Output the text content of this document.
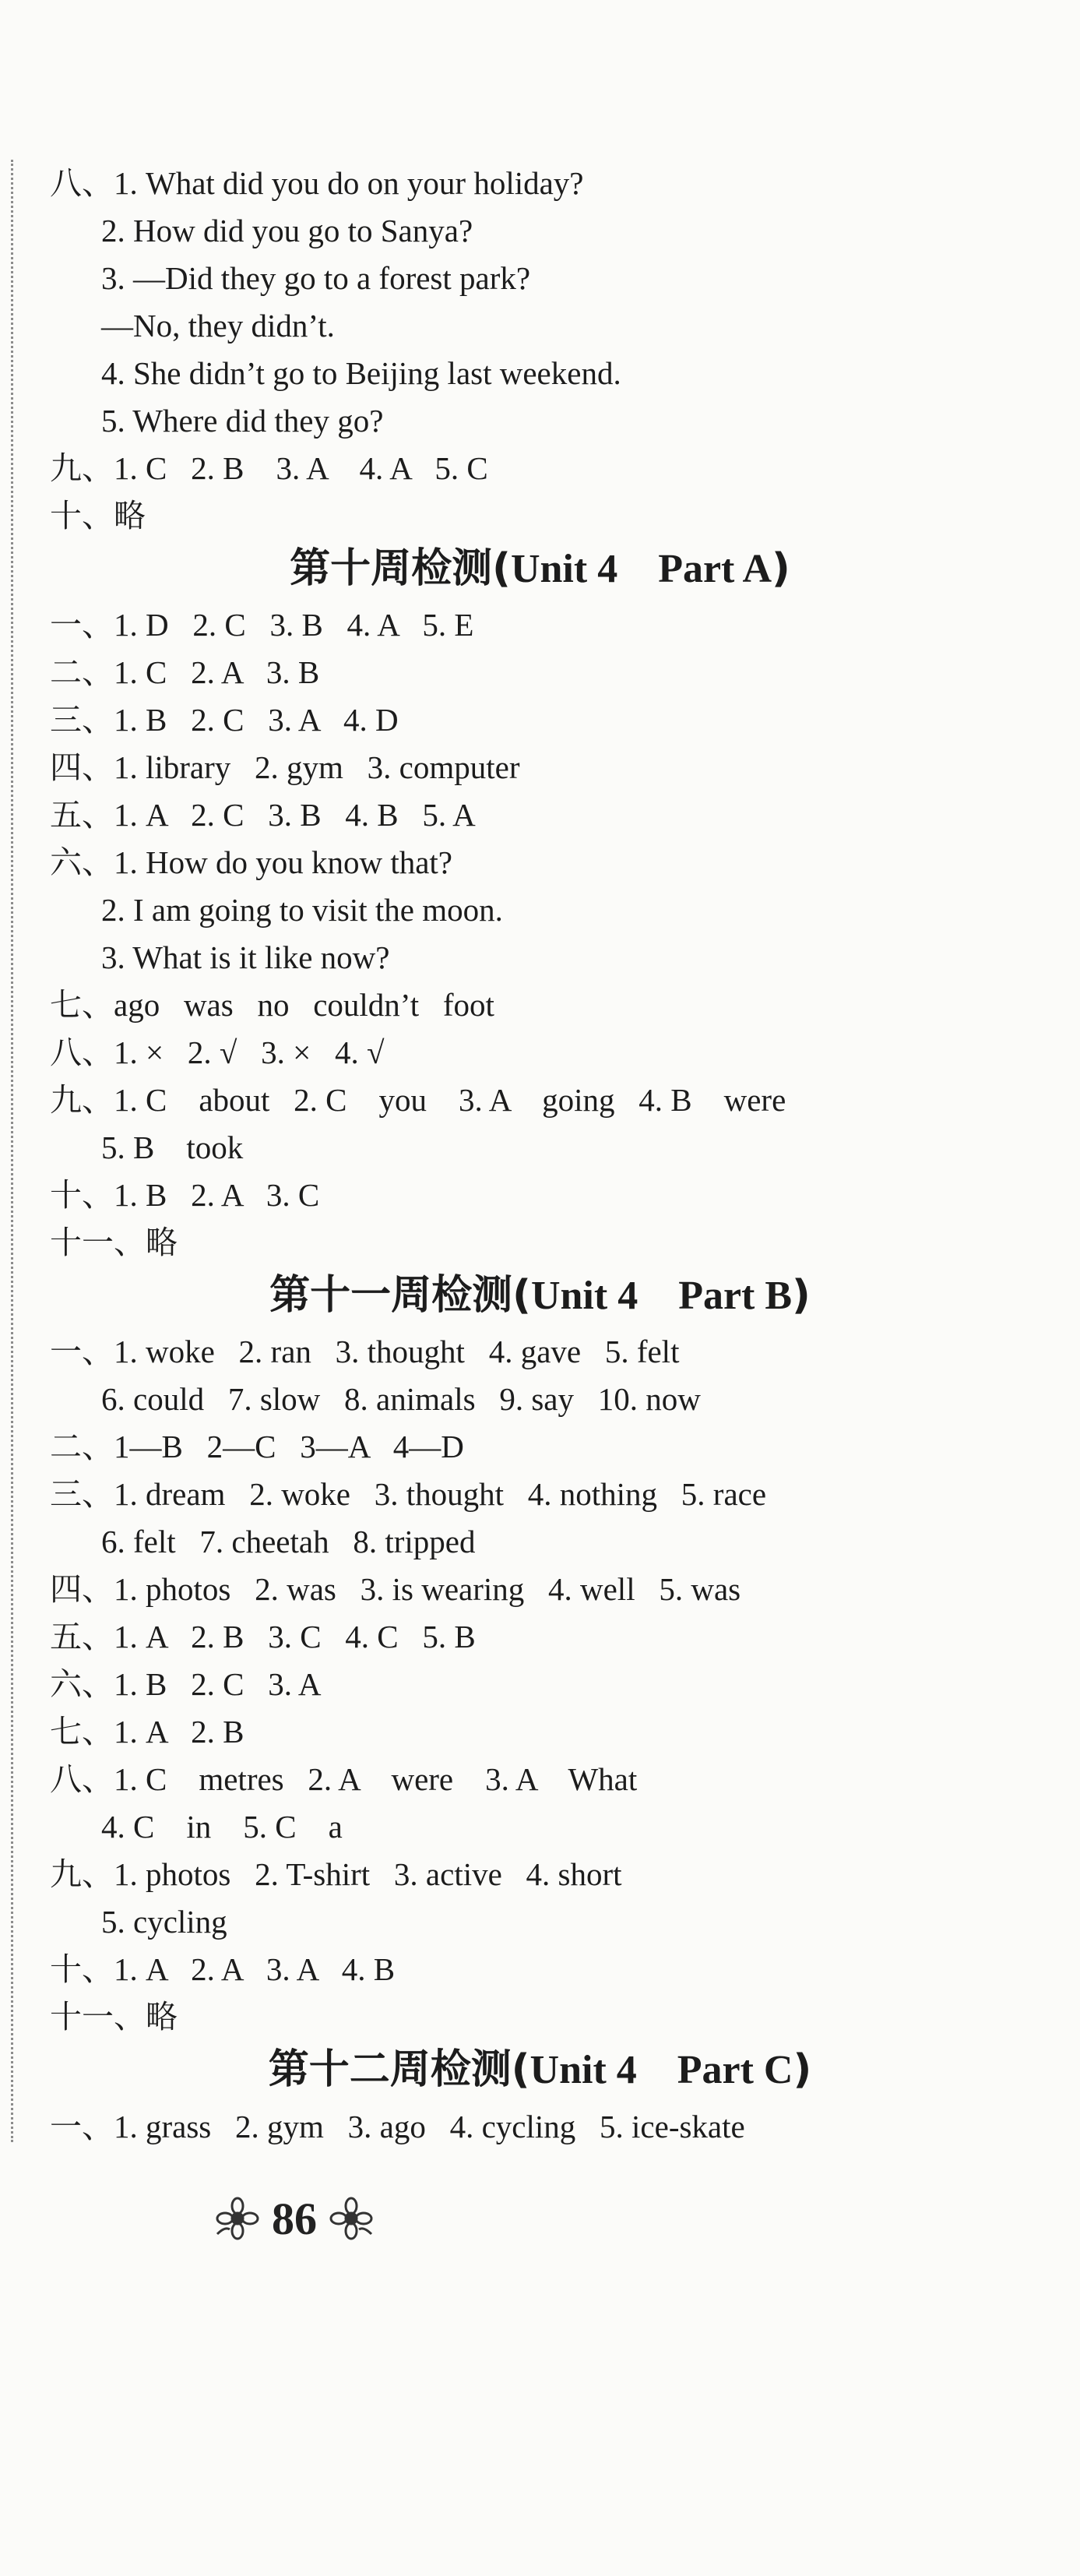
八、1. What did you do on your holiday?
2. How did you go to Sanya?
3. —Did they go to a forest park?
—No, they didn’t.
4. She didn’t go to Beijing last weekend.
5. Where did they go?
九、1. C   2. B    3. A    4. A   5. C
十、略
一、1. D   2. C   3. B   4. A   5. E
二、1. C   2. A   3. B
三、1. B   2. C   3. A   4. D
四、1. library   2. gym   3. computer
五、1. A   2. C   3. B   4. B   5. A
六、1. How do you know that?
2. I am going to visit the moon.
3. What is it like now?
七、ago   was   no   couldn’t   foot
八、1. ×   2. √   3. ×   4. √
九、1. C    about   2. C    you    3. A    going   4. B    were
5. B    took
十、1. B   2. A   3. C
十一、略
一、1. woke   2. ran   3. thought   4. gave   5. felt
6. could   7. slow   8. animals   9. say   10. now
二、1—B   2—C   3—A   4—D
三、1. dream   2. woke   3. thought   4. nothing   5. race
6. felt   7. cheetah   8. tripped
四、1. photos   2. was   3. is wearing   4. well   5. was
五、1. A   2. B   3. C   4. C   5. B
六、1. B   2. C   3. A
七、1. A   2. B
八、1. C    metres   2. A    were    3. A    What
4. C    in    5. C    a
九、1. photos   2. T-shirt   3. active   4. short
5. cycling
十、1. A   2. A   3. A   4. B
十一、略
一、1. grass   2. gym   3. ago   4. cycling   5. ice-skate
第十周检测(Unit 4    Part A)
第十一周检测(Unit 4    Part B)
第十二周检测(Unit 4    Part C)
86
